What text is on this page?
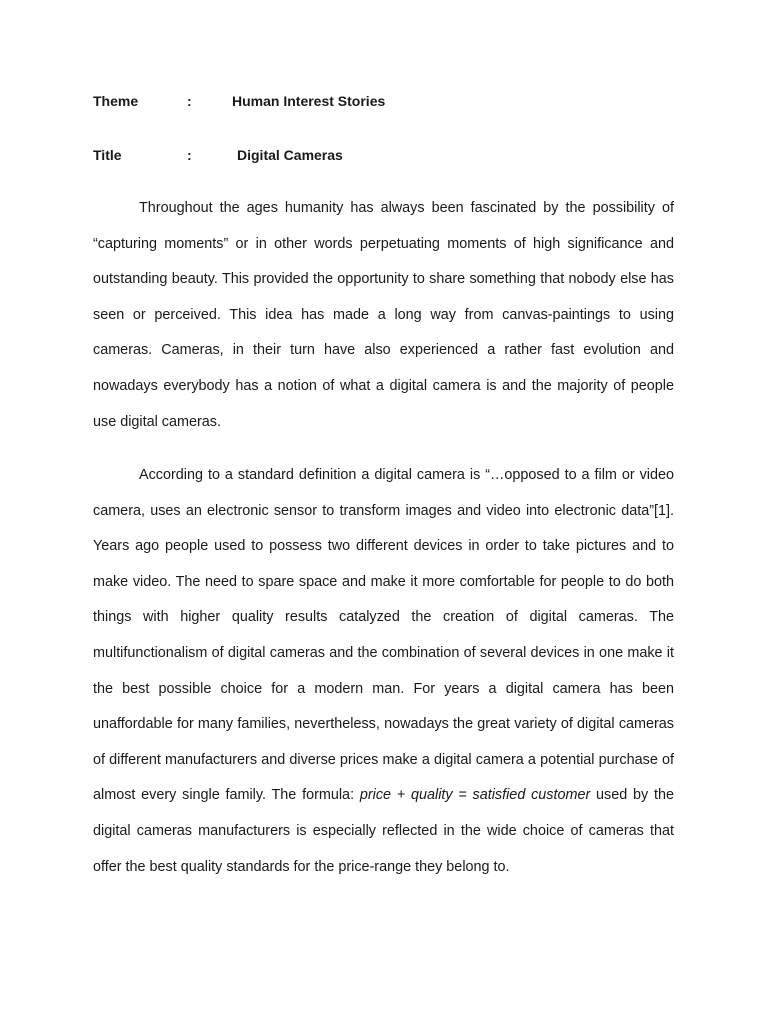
Theme	:	Human Interest Stories
Title	:	Digital Cameras

Throughout the ages humanity has always been fascinated by the possibility of “capturing moments” or in other words perpetuating moments of high significance and outstanding beauty. This provided the opportunity to share something that nobody else has seen or perceived. This idea has made a long way from canvas-paintings to using cameras. Cameras, in their turn have also experienced a rather fast evolution and nowadays everybody has a notion of what a digital camera is and the majority of people use digital cameras.

According to a standard definition a digital camera is “…opposed to a film or video camera, uses an electronic sensor to transform images and video into electronic data”[1]. Years ago people used to possess two different devices in order to take pictures and to make video. The need to spare space and make it more comfortable for people to do both things with higher quality results catalyzed the creation of digital cameras. The multifunctionalism of digital cameras and the combination of several devices in one make it the best possible choice for a modern man. For years a digital camera has been unaffordable for many families, nevertheless, nowadays the great variety of digital cameras of different manufacturers and diverse prices make a digital camera a potential purchase of almost every single family. The formula: price + quality = satisfied customer used by the digital cameras manufacturers is especially reflected in the wide choice of cameras that offer the best quality standards for the price-range they belong to.
